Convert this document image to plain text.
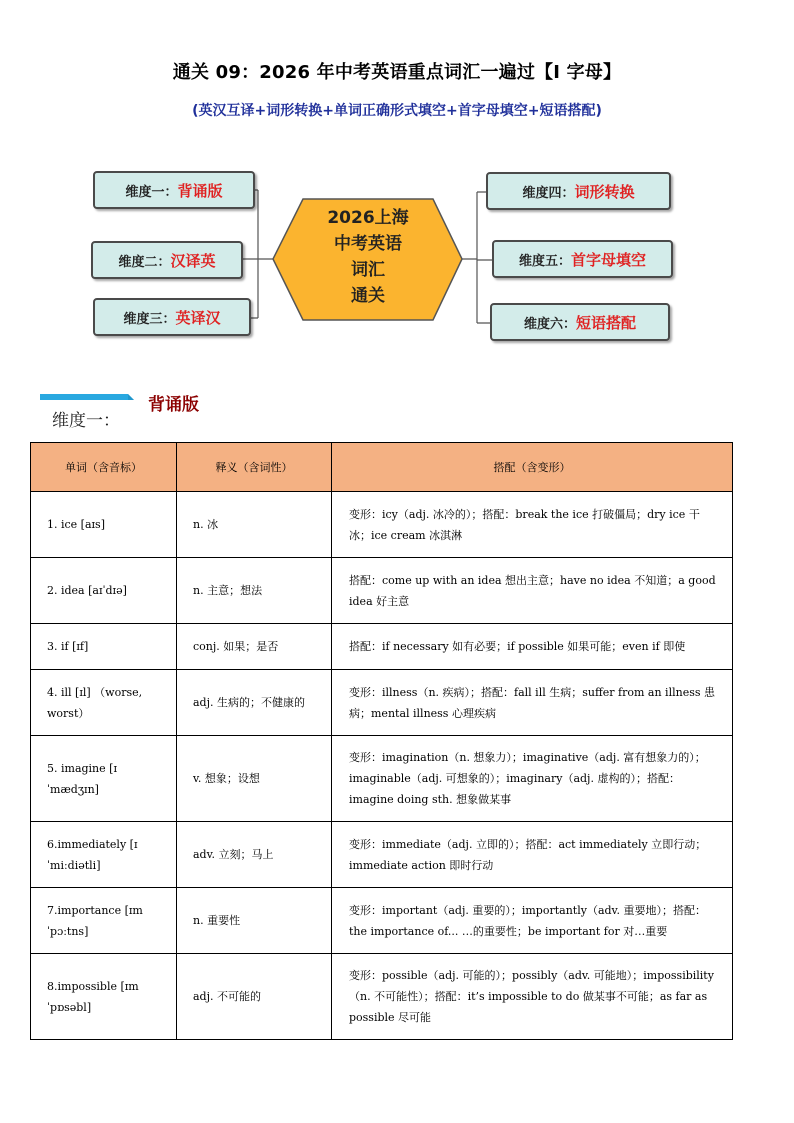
通关 09：2026 年中考英语重点词汇一遍过【I 字母】
(英汉互译+词形转换+单词正确形式填空+首字母填空+短语搭配)
2026上海
中考英语
词汇
通关
维度一： 背诵版
维度二： 汉译英
维度三： 英译汉
维度四： 词形转换
维度五： 首字母填空
维度六： 短语搭配
维度一：
背诵版
单词（含音标）	释义（含词性）	搭配（含变形）
1. ice [aɪs]	n. 冰	变形：icy（adj. 冰冷的）；搭配：break the ice 打破僵局；dry ice 干冰；ice cream 冰淇淋
2. idea [aɪˈdɪə]	n. 主意；想法	搭配：come up with an idea 想出主意；have no idea 不知道；a good idea 好主意
3. if [ɪf]	conj. 如果；是否	搭配：if necessary 如有必要；if possible 如果可能；even if 即使
4. ill [ɪl] （worse, worst）	adj. 生病的；不健康的	变形：illness（n. 疾病）；搭配：fall ill 生病；suffer from an illness 患病；mental illness 心理疾病
5. imagine [ɪˈmædʒɪn]	v. 想象；设想	变形：imagination（n. 想象力）；imaginative（adj. 富有想象力的）；imaginable（adj. 可想象的）；imaginary（adj. 虚构的）；搭配：imagine doing sth. 想象做某事
6.immediately [ɪˈmiːdiətli]	adv. 立刻；马上	变形：immediate（adj. 立即的）；搭配：act immediately 立即行动；immediate action 即时行动
7.importance [ɪmˈpɔːtns]	n. 重要性	变形：important（adj. 重要的）；importantly（adv. 重要地）；搭配：the importance of... …的重要性；be important for 对…重要
8.impossible [ɪmˈpɒsəbl]	adj. 不可能的	变形：possible（adj. 可能的）；possibly（adv. 可能地）；impossibility（n. 不可能性）；搭配：it’s impossible to do 做某事不可能；as far as possible 尽可能
